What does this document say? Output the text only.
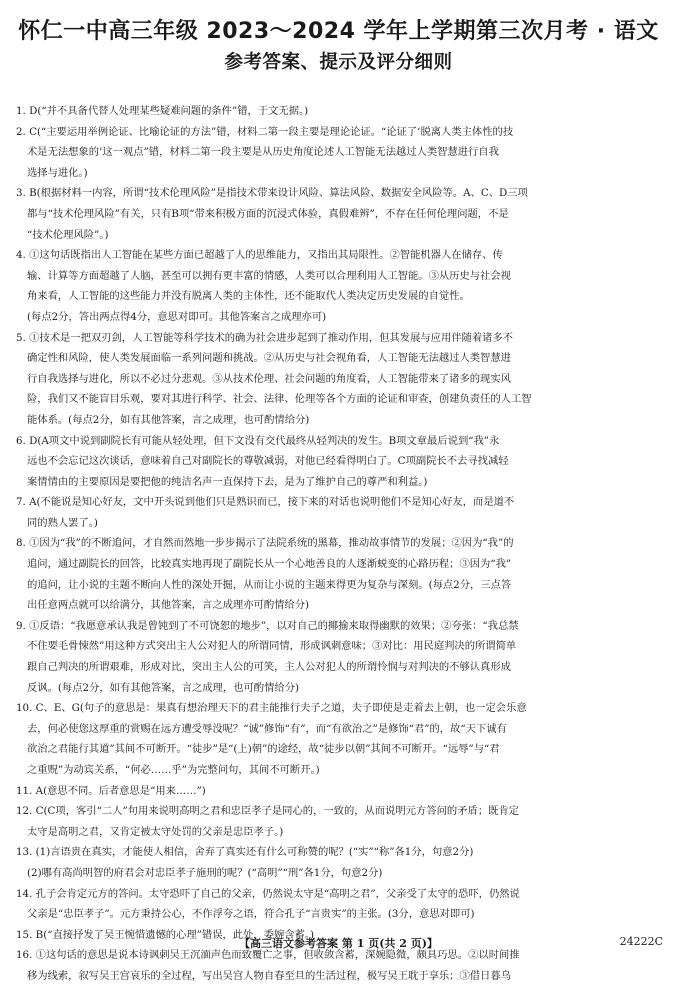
怀仁一中高三年级 2023～2024 学年上学期第三次月考 · 语文
参考答案、提示及评分细则
1. D(“并不具备代替人处理某些疑难问题的条件”错，于文无据。)
2. C(“主要运用举例论证、比喻论证的方法”错，材料二第一段主要是理论论证。“论证了‘脱离人类主体性的技
术是无法想象的’这一观点”错，材料二第一段主要是从历史角度论述人工智能无法越过人类智慧进行自我
选择与进化。)
3. B(根据材料一内容，所谓“技术伦理风险”是指技术带来设计风险、算法风险、数据安全风险等。A、C、D三项
都与“技术伦理风险”有关，只有B项“带来积极方面的沉浸式体验，真假难辨”，不存在任何伦理问题，不是
“技术伦理风险”。)
4. ①这句话既指出人工智能在某些方面已超越了人的思维能力，又指出其局限性。②智能机器人在储存、传
输、计算等方面超越了人脑，甚至可以拥有更丰富的情感，人类可以合理利用人工智能。③从历史与社会视
角来看，人工智能的这些能力并没有脱离人类的主体性，还不能取代人类决定历史发展的自觉性。
(每点2分，答出两点得4分，意思对即可。其他答案言之成理亦可)
5. ①技术是一把双刃剑，人工智能等科学技术的确为社会进步起到了推动作用，但其发展与应用伴随着诸多不
确定性和风险，使人类发展面临一系列问题和挑战。②从历史与社会视角看，人工智能无法越过人类智慧进
行自我选择与进化，所以不必过分悲观。③从技术伦理、社会问题的角度看，人工智能带来了诸多的现实风
险，我们又不能盲目乐观，要对其进行科学、社会、法律、伦理等各个方面的论证和审查，创建负责任的人工智
能体系。(每点2分，如有其他答案，言之成理，也可酌情给分)
6. D(A项文中说到副院长有可能从轻处理，但下文没有交代最终从轻判决的发生。B项文章最后说到“我”永
远也不会忘记这次谈话，意味着自己对副院长的尊敬减弱，对他已经看得明白了。C项副院长不去寻找减轻
案情情由的主要原因是要把他的纯洁名声一直保持下去，是为了维护自己的尊严和利益。)
7. A(不能说是知心好友，文中开头说到他们只是熟识而已，接下来的对话也说明他们不是知心好友，而是道不
同的熟人罢了。)
8. ①因为“我”的不断追问，才自然而然地一步步揭示了法院系统的黑幕，推动故事情节的发展；②因为“我”的
追问，通过副院长的回答，比较真实地再现了副院长从一个心地善良的人逐渐蜕变的心路历程；③因为“我”
的追问，让小说的主题不断向人性的深处开掘，从而让小说的主题来得更为复杂与深刻。(每点2分，三点答
出任意两点就可以给满分，其他答案，言之成理亦可酌情给分)
9. ①反语：“我愿意承认我是曾钝到了不可饶恕的地步”，以对自己的揶揄来取得幽默的效果；②夸张：“我总禁
不住要毛骨悚然”用这种方式突出主人公对犯人的所谓同情，形成讽刺意味；③对比：用民庭判决的所谓简单
跟自己判决的所谓艰难，形成对比，突出主人公的可笑，主人公对犯人的所谓怜悯与对判决的不够认真形成
反讽。(每点2分，如有其他答案，言之成理，也可酌情给分)
10. C、E、G(句子的意思是：果真有想治理天下的君主能推行夫子之道，夫子即使是走着去上朝，也一定会乐意
去，何必使您这厚重的赏赐在远方遭受辱没呢？“诚”修饰“有”，而“有欲治之”是修饰“君”的，故“天下诚有
欲治之君能行其道”其间不可断开。“徒步”是“(上)朝”的途经，故“徒步以朝”其间不可断开。“远辱”与“君
之重贶”为动宾关系，“何必……乎”为完整问句，其间不可断开。)
11. A(意思不同。后者意思是“用来……”)
12. C(C项，客引“二人”句用来说明高明之君和忠臣孝子是同心的，一致的，从而说明元方答问的矛盾；既肯定
太守是高明之君，又肯定被太守处罚的父亲是忠臣孝子。)
13. (1)言语贵在真实，才能使人相信，舍弃了真实还有什么可称赞的呢？(“实”“称”各1分，句意2分)
(2)哪有高尚明智的府君会对忠臣孝子施刑的呢？(“高明”“刑”各1分，句意2分)
14. 孔子会肯定元方的答问。太守恐吓了自己的父亲，仍然说太守是“高明之君”，父亲受了太守的恐吓，仍然说
父亲是“忠臣孝子”。元方秉持公心，不作浮夸之语，符合孔子“言贵实”的主张。(3分，意思对即可)
15. B(“直接抒发了吴王惋惜遗憾的心理”错误，此处，委婉含蓄。)
16. ①这句话的意思是说本诗讽刺吴王沉湎声色而致覆亡之事，但收敛含蓄，深婉隐微，颇具巧思。②以时间推
移为线索，叙写吴王宫哀乐的全过程，写出吴宫人物自春至旦的生活过程，极写吴王耽于享乐；③借日暮乌
【高三语文参考答案 第 1 页(共 2 页)】	24222C
